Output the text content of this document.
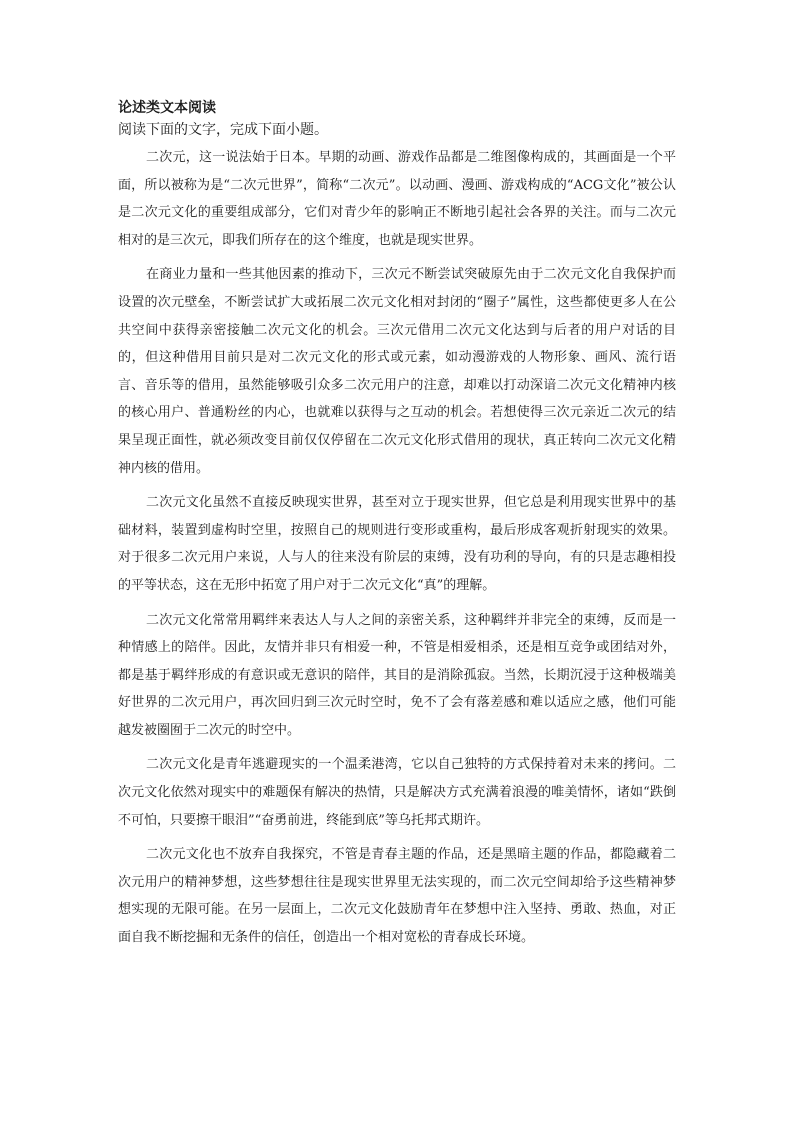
论述类文本阅读

阅读下面的文字，完成下面小题。

二次元，这一说法始于日本。早期的动画、游戏作品都是二维图像构成的，其画面是一个平面，所以被称为是“二次元世界”，简称“二次元”。以动画、漫画、游戏构成的“ACG文化”被公认是二次元文化的重要组成部分，它们对青少年的影响正不断地引起社会各界的关注。而与二次元相对的是三次元，即我们所存在的这个维度，也就是现实世界。

在商业力量和一些其他因素的推动下，三次元不断尝试突破原先由于二次元文化自我保护而设置的次元壁垒，不断尝试扩大或拓展二次元文化相对封闭的“圈子”属性，这些都使更多人在公共空间中获得亲密接触二次元文化的机会。三次元借用二次元文化达到与后者的用户对话的目的，但这种借用目前只是对二次元文化的形式或元素，如动漫游戏的人物形象、画风、流行语言、音乐等的借用，虽然能够吸引众多二次元用户的注意，却难以打动深谙二次元文化精神内核的核心用户、普通粉丝的内心，也就难以获得与之互动的机会。若想使得三次元亲近二次元的结果呈现正面性，就必须改变目前仅仅停留在二次元文化形式借用的现状，真正转向二次元文化精神内核的借用。

二次元文化虽然不直接反映现实世界，甚至对立于现实世界，但它总是利用现实世界中的基础材料，装置到虚构时空里，按照自己的规则进行变形或重构，最后形成客观折射现实的效果。对于很多二次元用户来说，人与人的往来没有阶层的束缚，没有功利的导向，有的只是志趣相投的平等状态，这在无形中拓宽了用户对于二次元文化“真”的理解。

二次元文化常常用羁绊来表达人与人之间的亲密关系，这种羁绊并非完全的束缚，反而是一种情感上的陪伴。因此，友情并非只有相爱一种，不管是相爱相杀，还是相互竞争或团结对外，都是基于羁绊形成的有意识或无意识的陪伴，其目的是消除孤寂。当然，长期沉浸于这种极端美好世界的二次元用户，再次回归到三次元时空时，免不了会有落差感和难以适应之感，他们可能越发被圈囿于二次元的时空中。

二次元文化是青年逃避现实的一个温柔港湾，它以自己独特的方式保持着对未来的拷问。二次元文化依然对现实中的难题保有解决的热情，只是解决方式充满着浪漫的唯美情怀，诸如“跌倒不可怕，只要擦干眼泪”“奋勇前进，终能到底”等乌托邦式期许。

二次元文化也不放弃自我探究，不管是青春主题的作品，还是黑暗主题的作品，都隐藏着二次元用户的精神梦想，这些梦想往往是现实世界里无法实现的，而二次元空间却给予这些精神梦想实现的无限可能。在另一层面上，二次元文化鼓励青年在梦想中注入坚持、勇敢、热血，对正面自我不断挖掘和无条件的信任，创造出一个相对宽松的青春成长环境。
